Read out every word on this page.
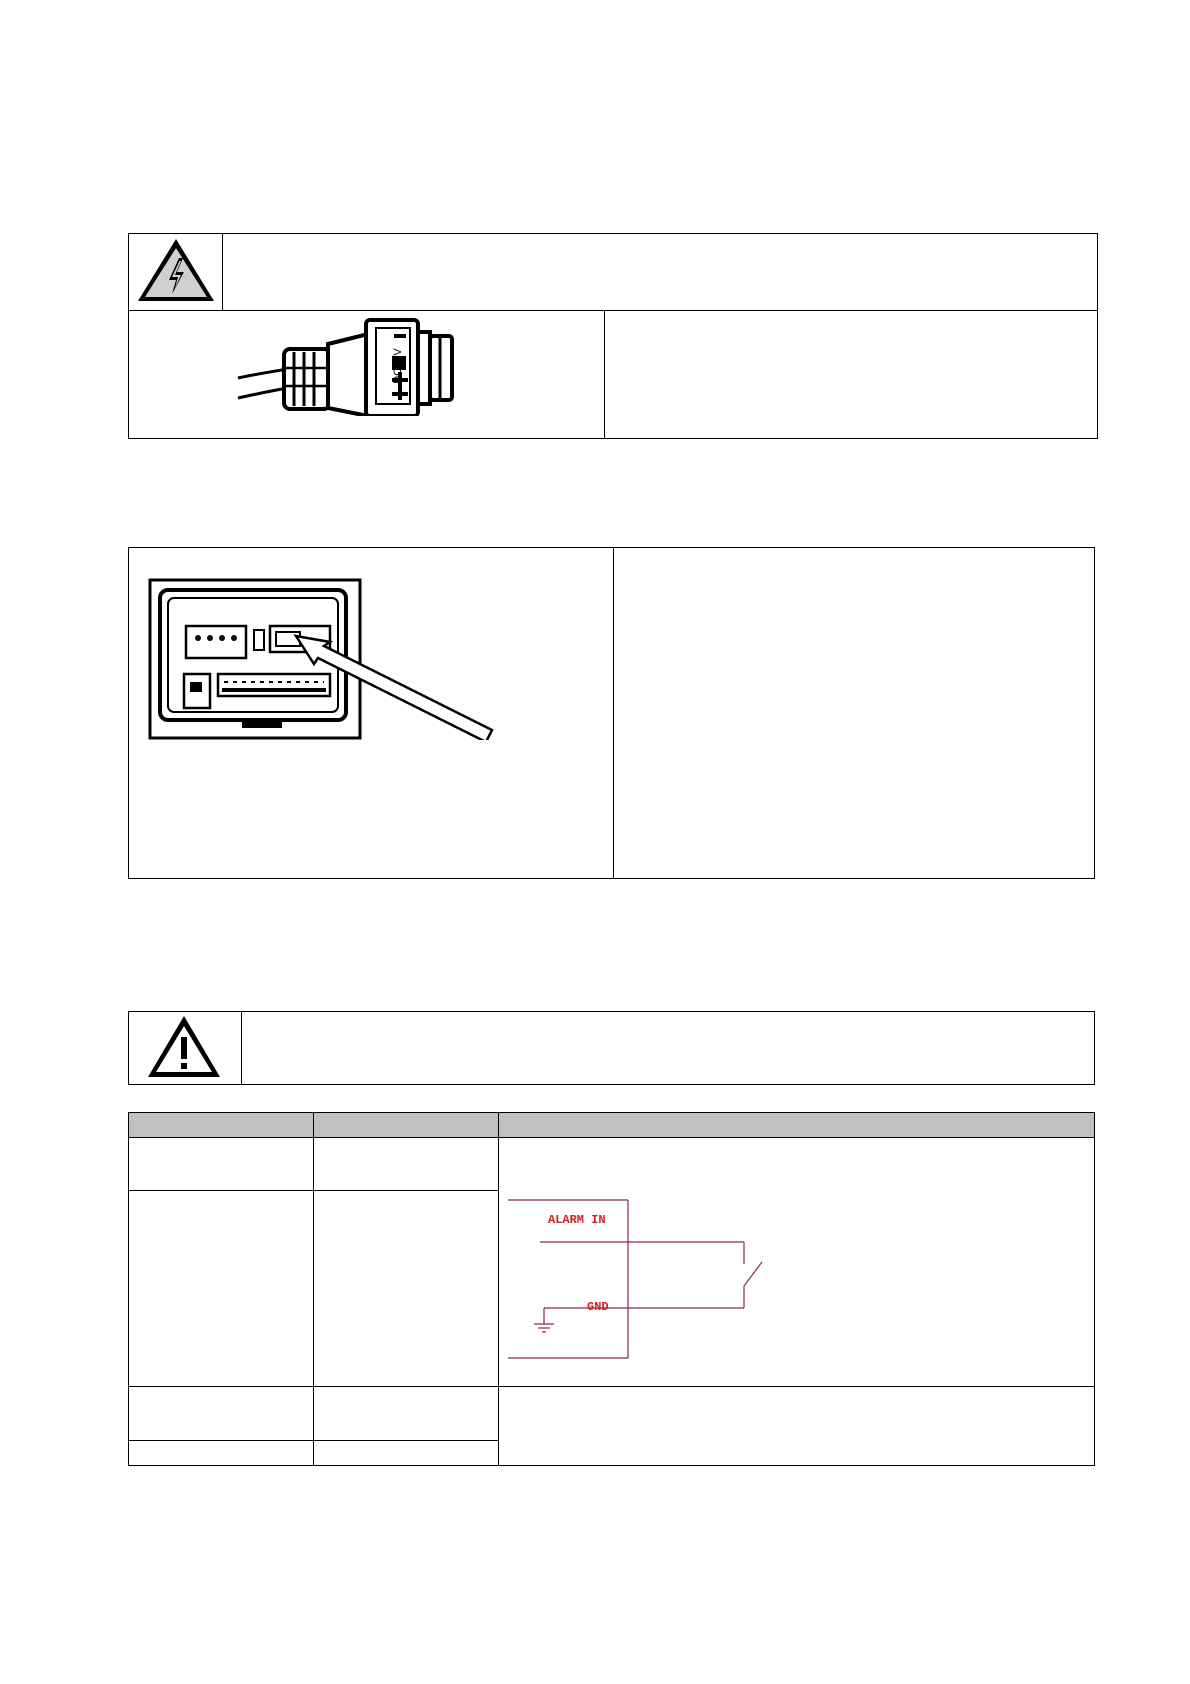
DC12V
ALARM IN
GND
